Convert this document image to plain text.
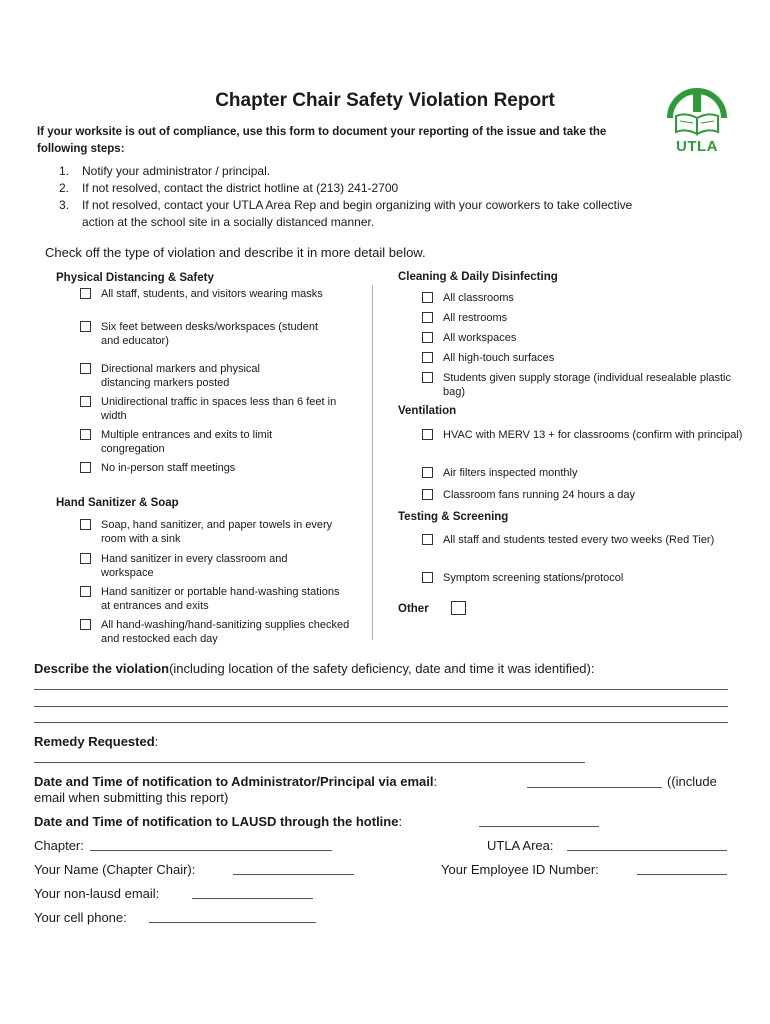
Chapter Chair Safety Violation Report
UTLA
If your worksite is out of compliance, use this form to document your reporting of the issue and take the following steps:
1. Notify your administrator / principal.
2. If not resolved, contact the district hotline at (213) 241-2700
3. If not resolved, contact your UTLA Area Rep and begin organizing with your coworkers to take collective action at the school site in a socially distanced manner.
Check off the type of violation and describe it in more detail below.
Physical Distancing & Safety
All staff, students, and visitors wearing masks
Six feet between desks/workspaces (student and educator)
Directional markers and physical distancing markers posted
Unidirectional traffic in spaces less than 6 feet in width
Multiple entrances and exits to limit congregation
No in-person staff meetings
Hand Sanitizer & Soap
Soap, hand sanitizer, and paper towels in every room with a sink
Hand sanitizer in every classroom and workspace
Hand sanitizer or portable hand-washing stations at entrances and exits
All hand-washing/hand-sanitizing supplies checked and restocked each day
Cleaning & Daily Disinfecting
All classrooms
All restrooms
All workspaces
All high-touch surfaces
Students given supply storage (individual resealable plastic bag)
Ventilation
HVAC with MERV 13 + for classrooms (confirm with principal)
Air filters inspected monthly
Classroom fans running 24 hours a day
Testing & Screening
All staff and students tested every two weeks (Red Tier)
Symptom screening stations/protocol
Other
Describe the violation(including location of the safety deficiency, date and time it was identified):
Remedy Requested:
Date and Time of notification to Administrator/Principal via email:	((include
email when submitting this report)
Date and Time of notification to LAUSD through the hotline:
Chapter:	UTLA Area:
Your Name (Chapter Chair):	Your Employee ID Number:
Your non-lausd email:
Your cell phone:
